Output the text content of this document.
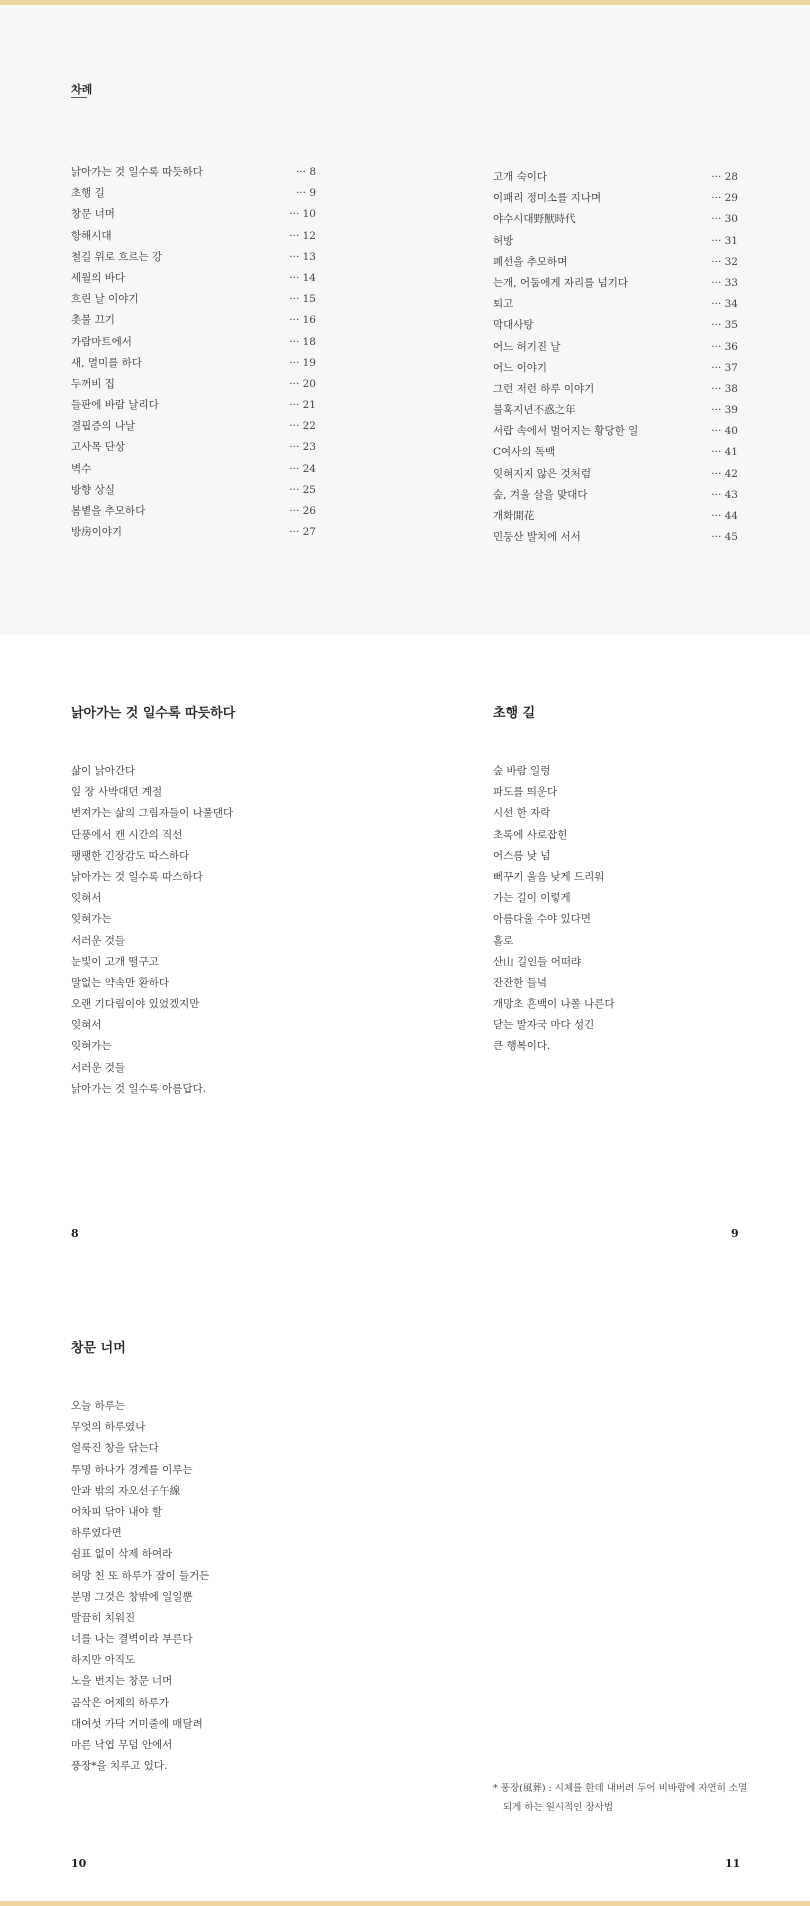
차례
낡아가는 것 일수록 따듯하다	··· 8
초행 길	··· 9
창문 너머	··· 10
항해시대	··· 12
철길 위로 흐르는 강	··· 13
세월의 바다	··· 14
흐린 날 이야기	··· 15
촛불 끄기	··· 16
가람마트에서	··· 18
새, 멸미를 하다	··· 19
두꺼비 집	··· 20
들판에 바람 날리다	··· 21
결핍증의 나날	··· 22
고사목 단상	··· 23
벽수	··· 24
방향 상실	··· 25
봄볕을 추모하다	··· 26
방房이야기	··· 27
고개 숙이다	··· 28
이패리 정미소를 지나며	··· 29
야수시대野獸時代	··· 30
허방	··· 31
폐선을 추모하며	··· 32
는개, 어둠에게 자리를 넘기다	··· 33
퇴고	··· 34
막대사탕	··· 35
어느 허기진 날	··· 36
어느 이야기	··· 37
그런 저런 하루 이야기	··· 38
불혹지년不惑之年	··· 39
서랍 속에서 벌어지는 황당한 일	··· 40
C여사의 독백	··· 41
잊혀지지 않은 것처럼	··· 42
숲, 겨울 살을 맞대다	··· 43
개화開花	··· 44
민둥산 발치에 서서	··· 45
낡아가는 것 일수록 따듯하다
삶이 낡아간다
잎 장 사박대던 계절
번져가는 삶의 그림자들이 나풀댄다
단풍에서 캔 시간의 직선
팽팽한 긴장감도 따스하다
낡아가는 것 일수록 따스하다
잊혀서
잊혀가는
서러운 것들
눈빛이 고개 떨구고
말없는 약속만 환하다
오랜 기다림이야 있었겠지만
잊혀서
잊혀가는
서러운 것들
낡아가는 것 일수록 아름답다.
8
초행 길
숲 바람 일렁
파도를 띄운다
시선 한 자락
초록에 사로잡힌
어스름 낮 넘
뻐꾸기 울음 낮게 드리워
가는 길이 이렇게
아름다울 수야 있다면
홀로
산山 길인들 어떠랴
잔잔한 들녘
개망초 흔백이 나폴 나른다
닫는 발자국 마다 성긴
큰 행복이다.
9
창문 너머
오늘 하루는
무엇의 하루였나
얼룩진 창을 닦는다
투명 하나가 경계를 이루는
안과 밖의 자오선子午線
어차피 닦아 내야 할
하루였다면
쉼표 없이 삭제 하여라
허망 친 또 하루가 잠이 들거든
분명 그것은 창밖에 일일뿐
말끔히 치워진
너를 나는 결벽이라 부른다
하지만 아직도
노을 번지는 창문 너머
곰삭은 어제의 하루가
대여섯 가닥 거미줄에 매달려
마른 낙엽 무덤 안에서
풍장*을 치루고 있다.
10
* 풍장(風葬) : 시체를 한데 내버려 두어 비바람에 자연히 소멸
되게 하는 원시적인 장사법
11
